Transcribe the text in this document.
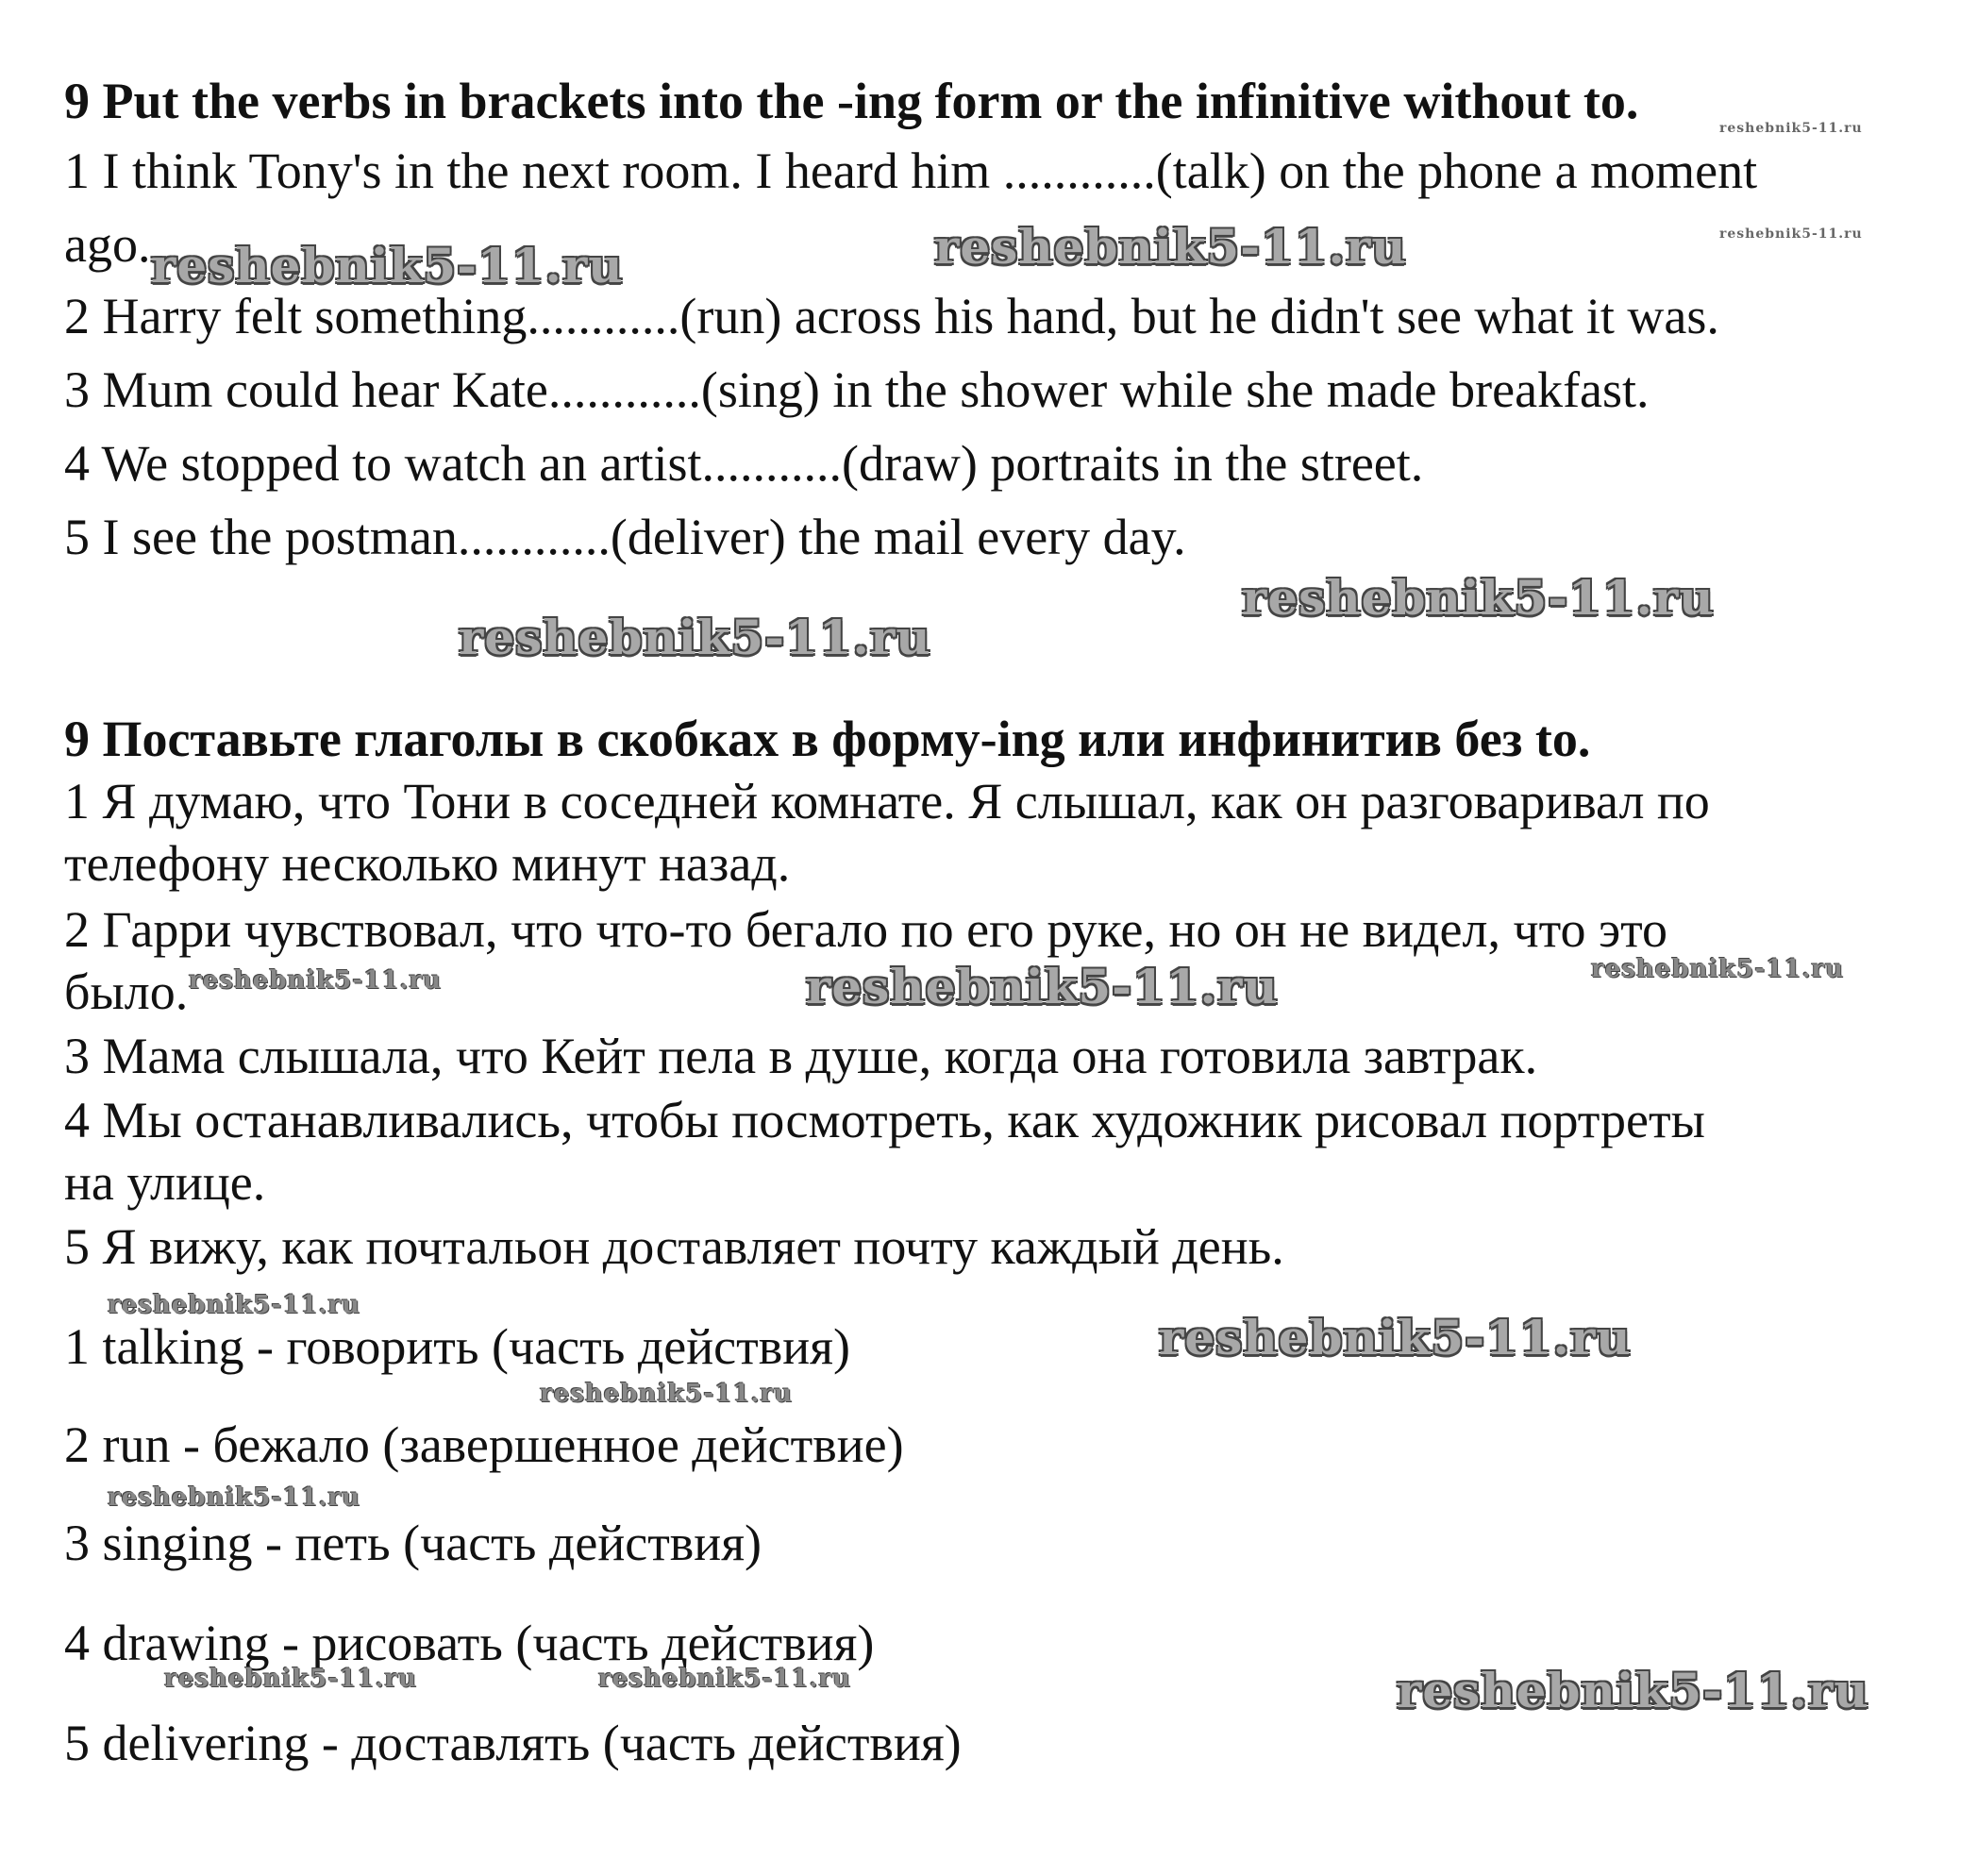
9 Put the verbs in brackets into the -ing form or the infinitive without to.

1 I think Tony's in the next room. I heard him ............(talk) on the phone a moment

ago.

2 Harry felt something............(run) across his hand, but he didn't see what it was.

3 Mum could hear Kate............(sing) in the shower while she made breakfast.

4 We stopped to watch an artist...........(draw) portraits in the street.

5 I see the postman............(deliver) the mail every day.

9 Поставьте глаголы в скобках в форму-ing или инфинитив без to.

1 Я думаю, что Тони в соседней комнате. Я слышал, как он разговаривал по

телефону несколько минут назад.

2 Гарри чувствовал, что что-то бегало по его руке, но он не видел, что это

было.

3 Мама слышала, что Кейт пела в душе, когда она готовила завтрак.

4 Мы останавливались, чтобы посмотреть, как художник рисовал портреты

на улице.

5 Я вижу, как почтальон доставляет почту каждый день.

1 talking - говорить (часть действия)

2 run - бежало (завершенное действие)

3 singing - петь (часть действия)

4 drawing - рисовать (часть действия)

5 delivering - доставлять (часть действия)

reshebnik5-11.ru
reshebnik5-11.ru	reshebnik5-11.ru	reshebnik5-11.ru
reshebnik5-11.ru
reshebnik5-11.ru
reshebnik5-11.ru	reshebnik5-11.ru	reshebnik5-11.ru
reshebnik5-11.ru
reshebnik5-11.ru
reshebnik5-11.ru
reshebnik5-11.ru
reshebnik5-11.ru	reshebnik5-11.ru	reshebnik5-11.ru
